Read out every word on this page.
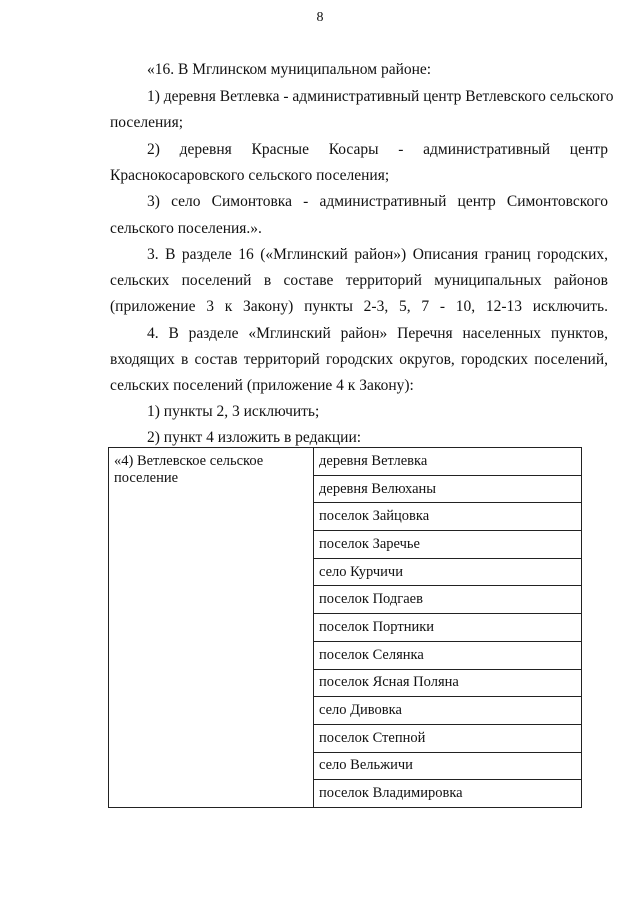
8
«16. В Мглинском муниципальном районе:
1) деревня Ветлевка - административный центр Ветлевского сельского
поселения;
2) деревня Красные Косары - административный центр
Краснокосаровского сельского поселения;
3) село Симонтовка - административный центр Симонтовского
сельского поселения.».
3. В разделе 16 («Мглинский район») Описания границ городских,
сельских поселений в составе территорий муниципальных районов
(приложение 3 к Закону) пункты 2-3, 5, 7 - 10, 12-13 исключить.
4. В разделе «Мглинский район» Перечня населенных пунктов,
входящих в состав территорий городских округов, городских поселений,
сельских поселений (приложение 4 к Закону):
1) пункты 2, 3 исключить;
2) пункт 4 изложить в редакции:
«4) Ветлевское сельское поселение	деревня Ветлевка
деревня Велюханы
поселок Зайцовка
поселок Заречье
село Курчичи
поселок Подгаев
поселок Портники
поселок Селянка
поселок Ясная Поляна
село Дивовка
поселок Степной
село Вельжичи
поселок Владимировка
